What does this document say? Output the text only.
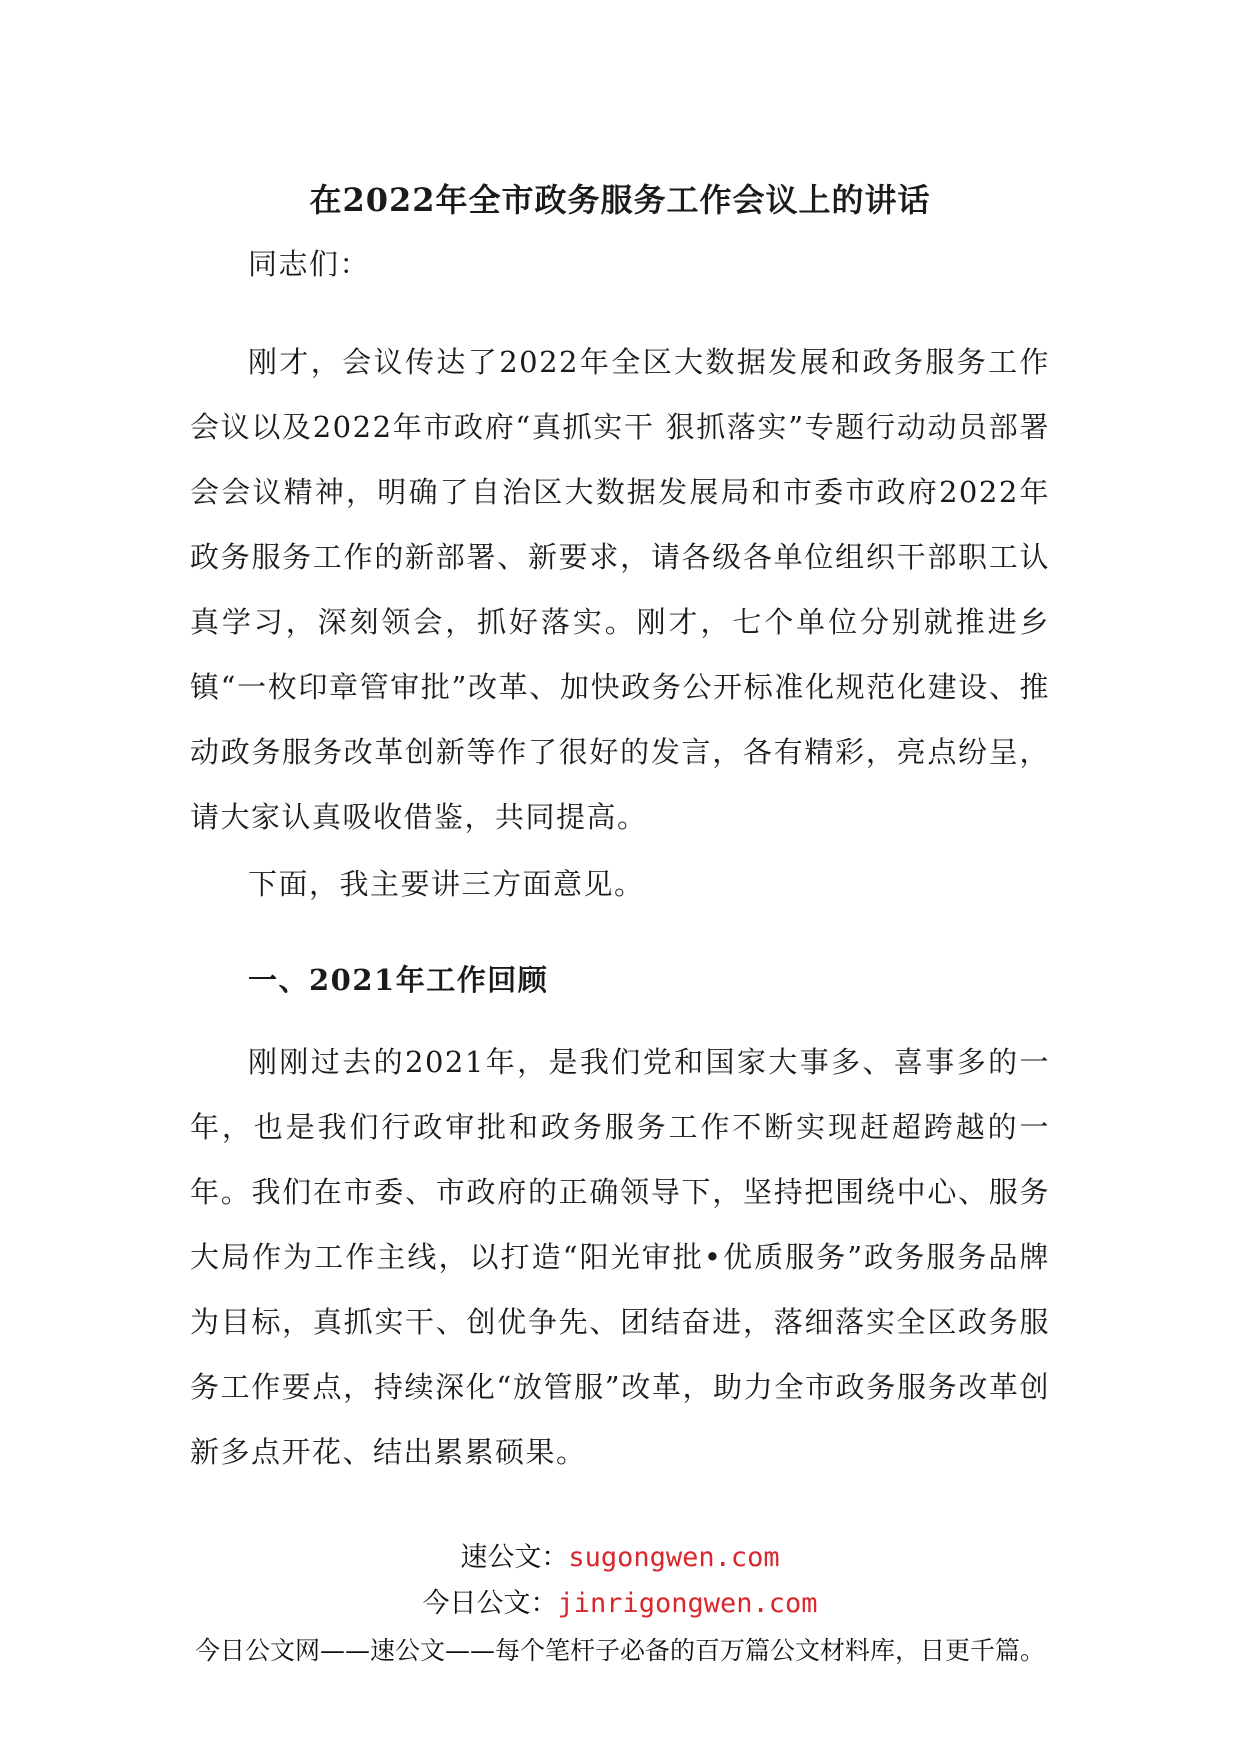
在2022年全市政务服务工作会议上的讲话
同志们：
刚才，会议传达了2022年全区大数据发展和政务服务工作会议以及2022年市政府“真抓实干 狠抓落实”专题行动动员部署会会议精神，明确了自治区大数据发展局和市委市政府2022年政务服务工作的新部署、新要求，请各级各单位组织干部职工认真学习，深刻领会，抓好落实。刚才，七个单位分别就推进乡镇“一枚印章管审批”改革、加快政务公开标准化规范化建设、推动政务服务改革创新等作了很好的发言，各有精彩，亮点纷呈，请大家认真吸收借鉴，共同提高。
下面，我主要讲三方面意见。
一、2021年工作回顾
刚刚过去的2021年，是我们党和国家大事多、喜事多的一年，也是我们行政审批和政务服务工作不断实现赶超跨越的一年。我们在市委、市政府的正确领导下，坚持把围绕中心、服务大局作为工作主线，以打造“阳光审批•优质服务”政务服务品牌为目标，真抓实干、创优争先、团结奋进，落细落实全区政务服务工作要点，持续深化“放管服”改革，助力全市政务服务改革创新多点开花、结出累累硕果。
速公文：sugongwen.com
今日公文：jinrigongwen.com
今日公文网——速公文——每个笔杆子必备的百万篇公文材料库，日更千篇。
